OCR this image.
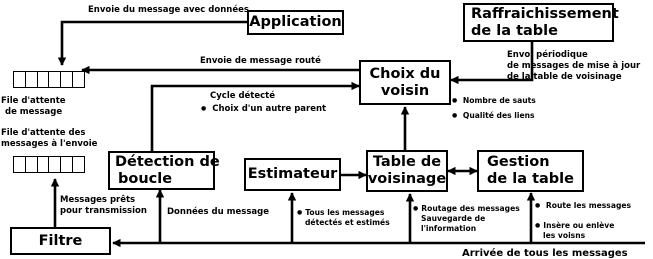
Application	Raffraichissement
de la table
Choix du
voisin
Détection de
boucle	Estimateur
Table de
voisinage
Gestion
de la table
Filtre
File d'attente
de message
File d'attente des
messages à l'envoie
Envoie du message avec données
Envoie de message routé
Envoi périodique
de messages de mise à jour
de la table de voisinage
Cycle détecté
● Choix d'un autre parent
● Nombre de sauts
● Qualité des liens
Messages prêts
pour transmission Données du message
●	Tous les messages
détectés et estimés
● Routage des messages
Sauvegarde de
l'information
● Route les messages
● Insère ou enlève
les voisns
Arrivée de tous les messages
